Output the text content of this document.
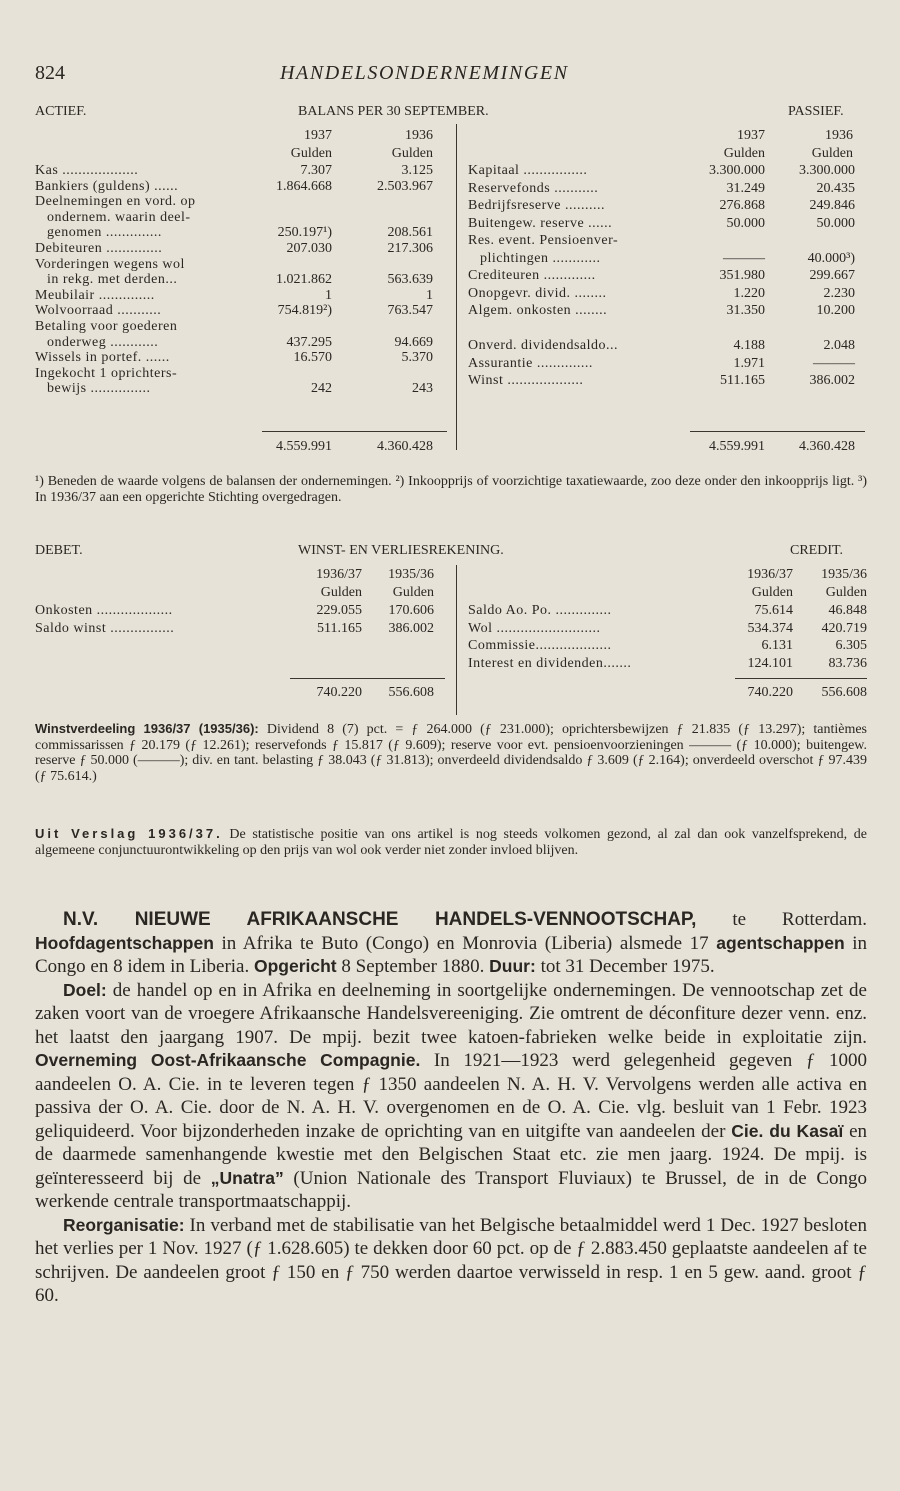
824	HANDELSONDERNEMINGEN
ACTIEF.	BALANS PER 30 SEPTEMBER.	PASSIEF.
1937	1936
Gulden	Gulden
1937	1936
Gulden	Gulden
Kas ...................	7.307	3.125
Bankiers (guldens) ......	1.864.668	2.503.967
Deelnemingen en vord. op
ondernem. waarin deel-
genomen ..............	250.197¹)	208.561
Debiteuren ..............	207.030	217.306
Vorderingen wegens wol
in rekg. met derden...	1.021.862	563.639
Meubilair ..............	1	1
Wolvoorraad ...........	754.819²)	763.547
Betaling voor goederen
onderweg ............	437.295	94.669
Wissels in portef. ......	16.570	5.370
Ingekocht 1 oprichters-
bewijs ...............	242	243
Kapitaal ................	3.300.000	3.300.000
Reservefonds ...........	31.249	20.435
Bedrijfsreserve ..........	276.868	249.846
Buitengew. reserve ......	50.000	50.000
Res. event. Pensioenver-
plichtingen ............	———	40.000³)
Crediteuren .............	351.980	299.667
Onopgevr. divid. ........	1.220	2.230
Algem. onkosten ........	31.350	10.200
Onverd. dividendsaldo...	4.188	2.048
Assurantie ..............	1.971	———
Winst ...................	511.165	386.002
4.559.991	4.360.428	4.559.991	4.360.428
¹) Beneden de waarde volgens de balansen der ondernemingen. ²) Inkoopprijs of voorzichtige taxatiewaarde, zoo deze onder den inkoopprijs ligt. ³) In 1936/37 aan een opgerichte Stichting overgedragen.
DEBET.	WINST- EN VERLIESREKENING.	CREDIT.
1936/37	1935/36
Gulden	Gulden
1936/37	1935/36
Gulden	Gulden
Onkosten ...................	229.055	170.606
Saldo winst ................	511.165	386.002
Saldo Ao. Po. ..............	75.614	46.848
Wol ..........................	534.374	420.719
Commissie...................	6.131	6.305
Interest en dividenden.......	124.101	83.736
740.220	556.608	740.220	556.608
Winstverdeeling 1936/37 (1935/36): Dividend 8 (7) pct. = ƒ 264.000 (ƒ 231.000); oprichtersbewijzen ƒ 21.835 (ƒ 13.297); tantièmes commissarissen ƒ 20.179 (ƒ 12.261); reservefonds ƒ 15.817 (ƒ 9.609); reserve voor evt. pensioenvoorzieningen ——— (ƒ 10.000); buitengew. reserve ƒ 50.000 (———); div. en tant. belasting ƒ 38.043 (ƒ 31.813); onverdeeld dividendsaldo ƒ 3.609 (ƒ 2.164); onverdeeld overschot ƒ 97.439 (ƒ 75.614.)
Uit Verslag 1936/37. De statistische positie van ons artikel is nog steeds volkomen gezond, al zal dan ook vanzelfsprekend, de algemeene conjunctuurontwikkeling op den prijs van wol ook verder niet zonder invloed blijven.

N.V. NIEUWE AFRIKAANSCHE HANDELS-VENNOOTSCHAP, te Rotterdam. Hoofdagentschappen in Afrika te Buto (Congo) en Monrovia (Liberia) alsmede 17 agentschappen in Congo en 8 idem in Liberia. Opgericht 8 September 1880. Duur: tot 31 December 1975.

Doel: de handel op en in Afrika en deelneming in soortgelijke ondernemingen. De vennootschap zet de zaken voort van de vroegere Afrikaansche Handelsvereeniging. Zie omtrent de déconfiture dezer venn. enz. het laatst den jaargang 1907. De mpij. bezit twee katoen-fabrieken welke beide in exploitatie zijn. Overneming Oost-Afrikaansche Compagnie. In 1921—1923 werd gelegenheid gegeven ƒ 1000 aandeelen O. A. Cie. in te leveren tegen ƒ 1350 aandeelen N. A. H. V. Vervolgens werden alle activa en passiva der O. A. Cie. door de N. A. H. V. overgenomen en de O. A. Cie. vlg. besluit van 1 Febr. 1923 geliquideerd. Voor bijzonderheden inzake de oprichting van en uitgifte van aandeelen der Cie. du Kasaï en de daarmede samenhangende kwestie met den Belgischen Staat etc. zie men jaarg. 1924. De mpij. is geïnteresseerd bij de „Unatra” (Union Nationale des Transport Fluviaux) te Brussel, de in de Congo werkende centrale transportmaatschappij.

Reorganisatie: In verband met de stabilisatie van het Belgische betaalmiddel werd 1 Dec. 1927 besloten het verlies per 1 Nov. 1927 (ƒ 1.628.605) te dekken door 60 pct. op de ƒ 2.883.450 geplaatste aandeelen af te schrijven. De aandeelen groot ƒ 150 en ƒ 750 werden daartoe verwisseld in resp. 1 en 5 gew. aand. groot ƒ 60.
